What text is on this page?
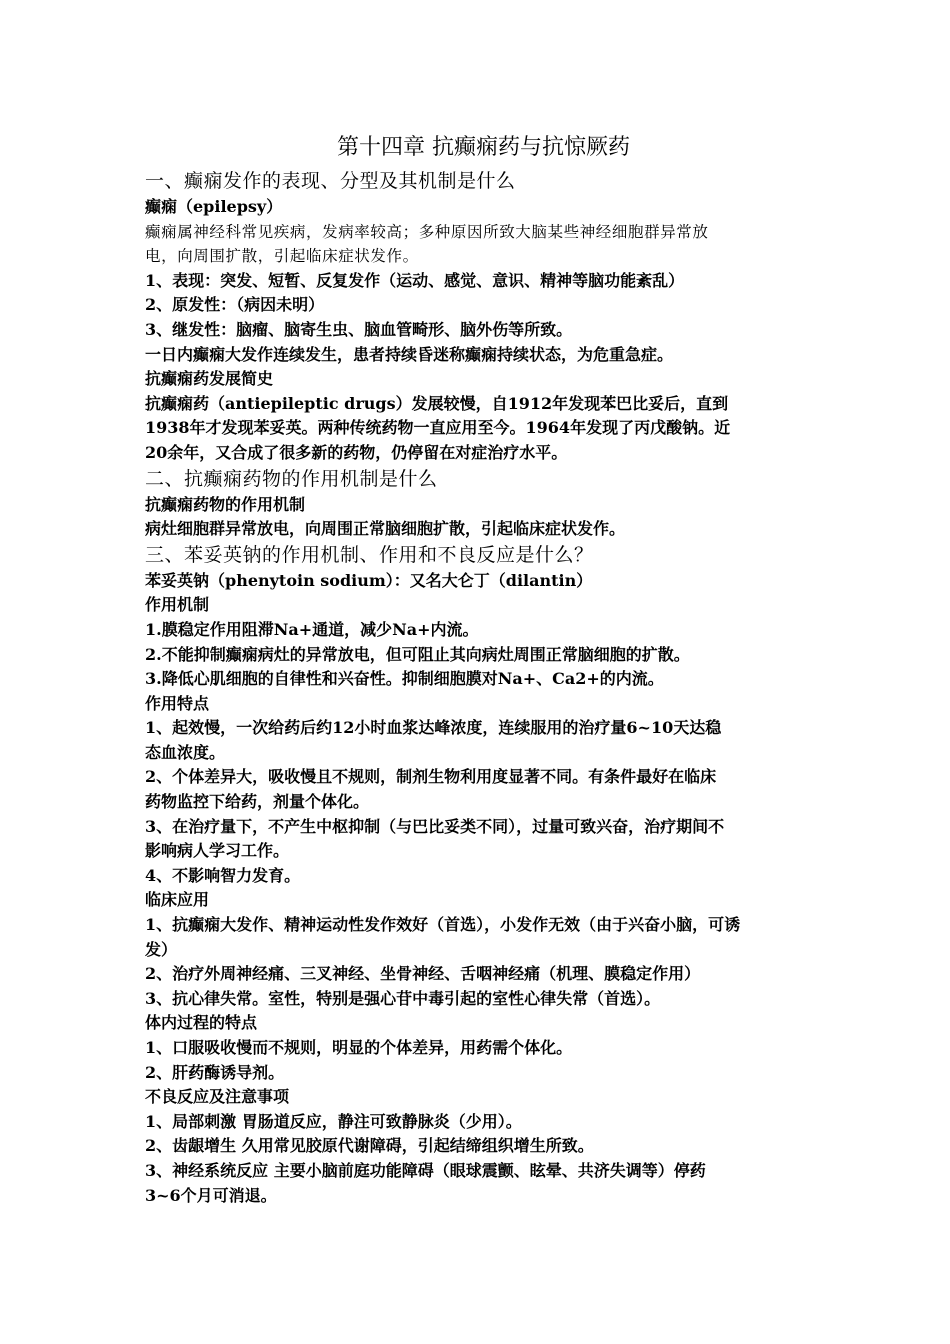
第十四章 抗癫痫药与抗惊厥药
一、癫痫发作的表现、分型及其机制是什么
癫痫（epilepsy）
癫痫属神经科常见疾病，发病率较高；多种原因所致大脑某些神经细胞群异常放
电，向周围扩散，引起临床症状发作。
1、表现：突发、短暂、反复发作（运动、感觉、意识、精神等脑功能紊乱）
2、原发性：（病因未明）
3、继发性：脑瘤、脑寄生虫、脑血管畸形、脑外伤等所致。
一日内癫痫大发作连续发生，患者持续昏迷称癫痫持续状态，为危重急症。
抗癫痫药发展简史
抗癫痫药（antiepileptic drugs）发展较慢，自1912年发现苯巴比妥后，直到
1938年才发现苯妥英。两种传统药物一直应用至今。1964年发现了丙戊酸钠。近
20余年，又合成了很多新的药物，仍停留在对症治疗水平。
二、抗癫痫药物的作用机制是什么
抗癫痫药物的作用机制
病灶细胞群异常放电，向周围正常脑细胞扩散，引起临床症状发作。
三、苯妥英钠的作用机制、作用和不良反应是什么？
苯妥英钠（phenytoin sodium）：又名大仑丁（dilantin）
作用机制
1.膜稳定作用阻滞Na+通道，减少Na+内流。
2.不能抑制癫痫病灶的异常放电，但可阻止其向病灶周围正常脑细胞的扩散。
3.降低心肌细胞的自律性和兴奋性。抑制细胞膜对Na+、Ca2+的内流。
作用特点
1、起效慢，一次给药后约12小时血浆达峰浓度，连续服用的治疗量6~10天达稳
态血浓度。
2、个体差异大，吸收慢且不规则，制剂生物利用度显著不同。有条件最好在临床
药物监控下给药，剂量个体化。
3、在治疗量下，不产生中枢抑制（与巴比妥类不同），过量可致兴奋，治疗期间不
影响病人学习工作。
4、不影响智力发育。
临床应用
1、抗癫痫大发作、精神运动性发作效好（首选），小发作无效（由于兴奋小脑，可诱
发）
2、治疗外周神经痛、三叉神经、坐骨神经、舌咽神经痛（机理、膜稳定作用）
3、抗心律失常。室性，特别是强心苷中毒引起的室性心律失常（首选）。
体内过程的特点
1、口服吸收慢而不规则，明显的个体差异，用药需个体化。
2、肝药酶诱导剂。
不良反应及注意事项
1、局部刺激 胃肠道反应，静注可致静脉炎（少用）。
2、齿龈增生 久用常见胶原代谢障碍，引起结缔组织增生所致。
3、神经系统反应 主要小脑前庭功能障碍（眼球震颤、眩晕、共济失调等）停药
3~6个月可消退。
